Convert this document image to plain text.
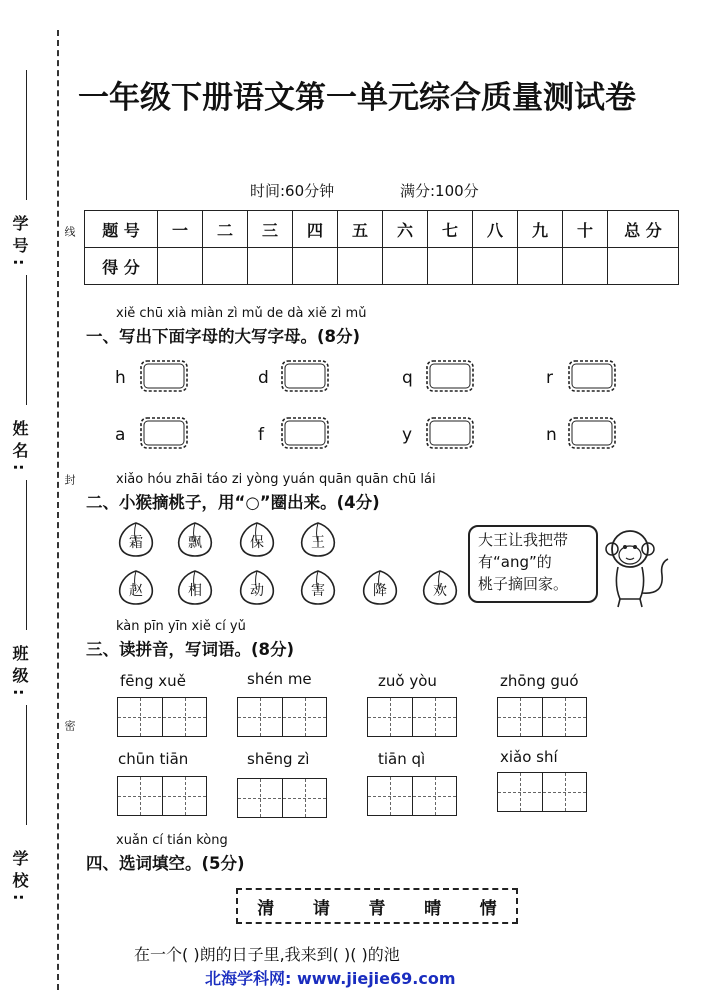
学号:
姓名:
班级:
学校:
线
封
密
一年级下册语文第一单元综合质量测试卷
时间:60分钟	满分:100分
题 号	一	二	三	四	五	六	七	八	九	十	总 分
得 分											
xiě chū xià miàn zì mǔ de dà xiě zì mǔ
一、写出下面字母的大写字母。(8分)
h	d	q	r
a	f	y	n
xiǎo hóu zhāi táo zi yòng yuán quān quān chū lái
二、小猴摘桃子，用“○”圈出来。(4分)
霜	飘	保	王
赵	相	动	害	降	欢
大王让我把带
有“ang”的
桃子摘回家。
kàn pīn yīn xiě cí yǔ
三、读拼音，写词语。(8分)
fēng xuě	shén me	zuǒ yòu	zhōng guó
chūn tiān	shēng zì	tiān qì	xiǎo shí
xuǎn cí tián kòng
四、选词填空。(5分)
清 请 青 晴 情
在一个( )朗的日子里,我来到( )( )的池
北海学科网: www.jiejie69.com
